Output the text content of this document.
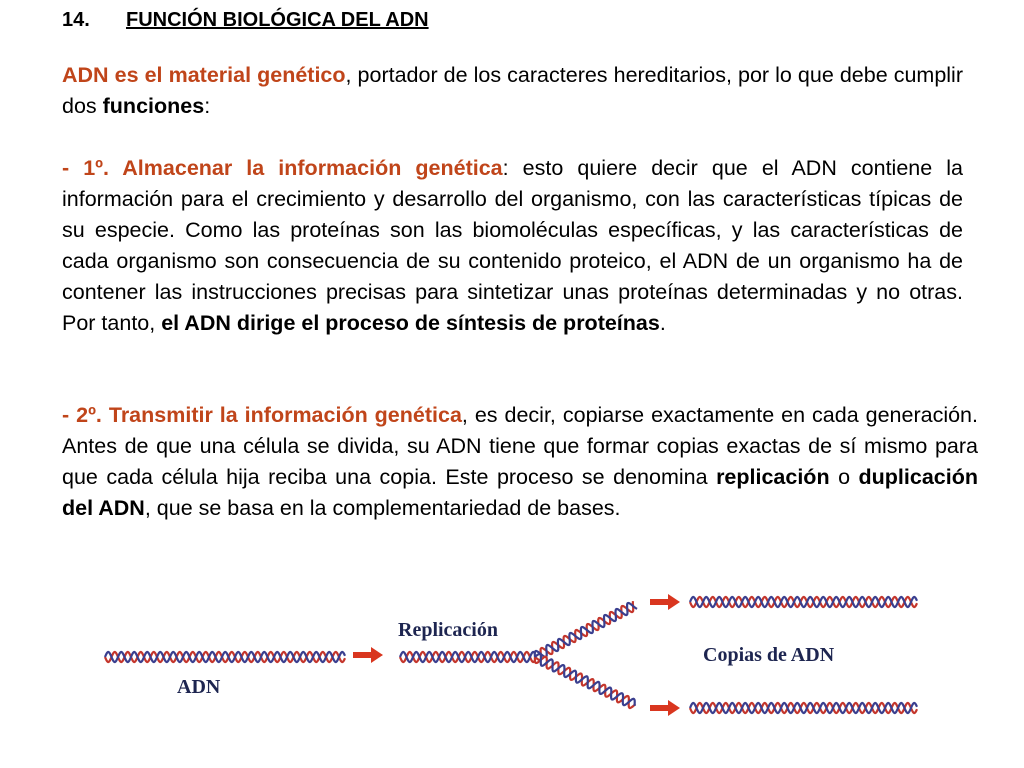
14. FUNCIÓN BIOLÓGICA DEL ADN

ADN es el material genético, portador de los caracteres hereditarios, por lo que debe cumplir dos funciones:

- 1º. Almacenar la información genética: esto quiere decir que el ADN contiene la información para el crecimiento y desarrollo del organismo, con las características típicas de su especie. Como las proteínas son las biomoléculas específicas, y las características de cada organismo son consecuencia de su contenido proteico, el ADN de un organismo ha de contener las instrucciones precisas para sintetizar unas proteínas determinadas y no otras. Por tanto, el ADN dirige el proceso de síntesis de proteínas.

- 2º. Transmitir la información genética, es decir, copiarse exactamente en cada generación. Antes de que una célula se divida, su ADN tiene que formar copias exactas de sí mismo para que cada célula hija reciba una copia. Este proceso se denomina replicación o duplicación del ADN, que se basa en la complementariedad de bases.

ADN
Replicación
Copias de ADN
